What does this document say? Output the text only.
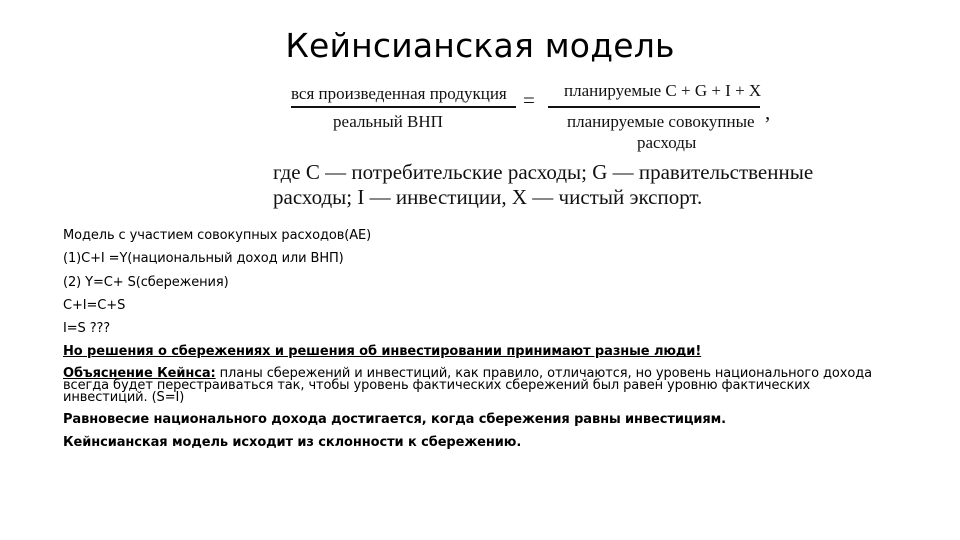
Кейнсианская модель
вся произведенная продукция
реальный ВНП
= планируемые C + G + I + X
планируемые совокупные
расходы
,
где С — потребительские расходы; G — правительственные
расходы; I — инвестиции, X — чистый экспорт.

Модель с участием совокупных расходов(AE)

(1)C+I =Y(национальный доход или ВНП)

(2) Y=C+ S(сбережения)

C+I=C+S

I=S ???

Но решения о сбережениях и решения об инвестировании принимают разные люди!

Объяснение Кейнса: планы сбережений и инвестиций, как правило, отличаются, но уровень национального дохода всегда будет перестраиваться так, чтобы уровень фактических сбережений был равен уровню фактических инвестиций. (S=I)

Равновесие национального дохода достигается, когда сбережения равны инвестициям.

Кейнсианская модель исходит из склонности к сбережению.
